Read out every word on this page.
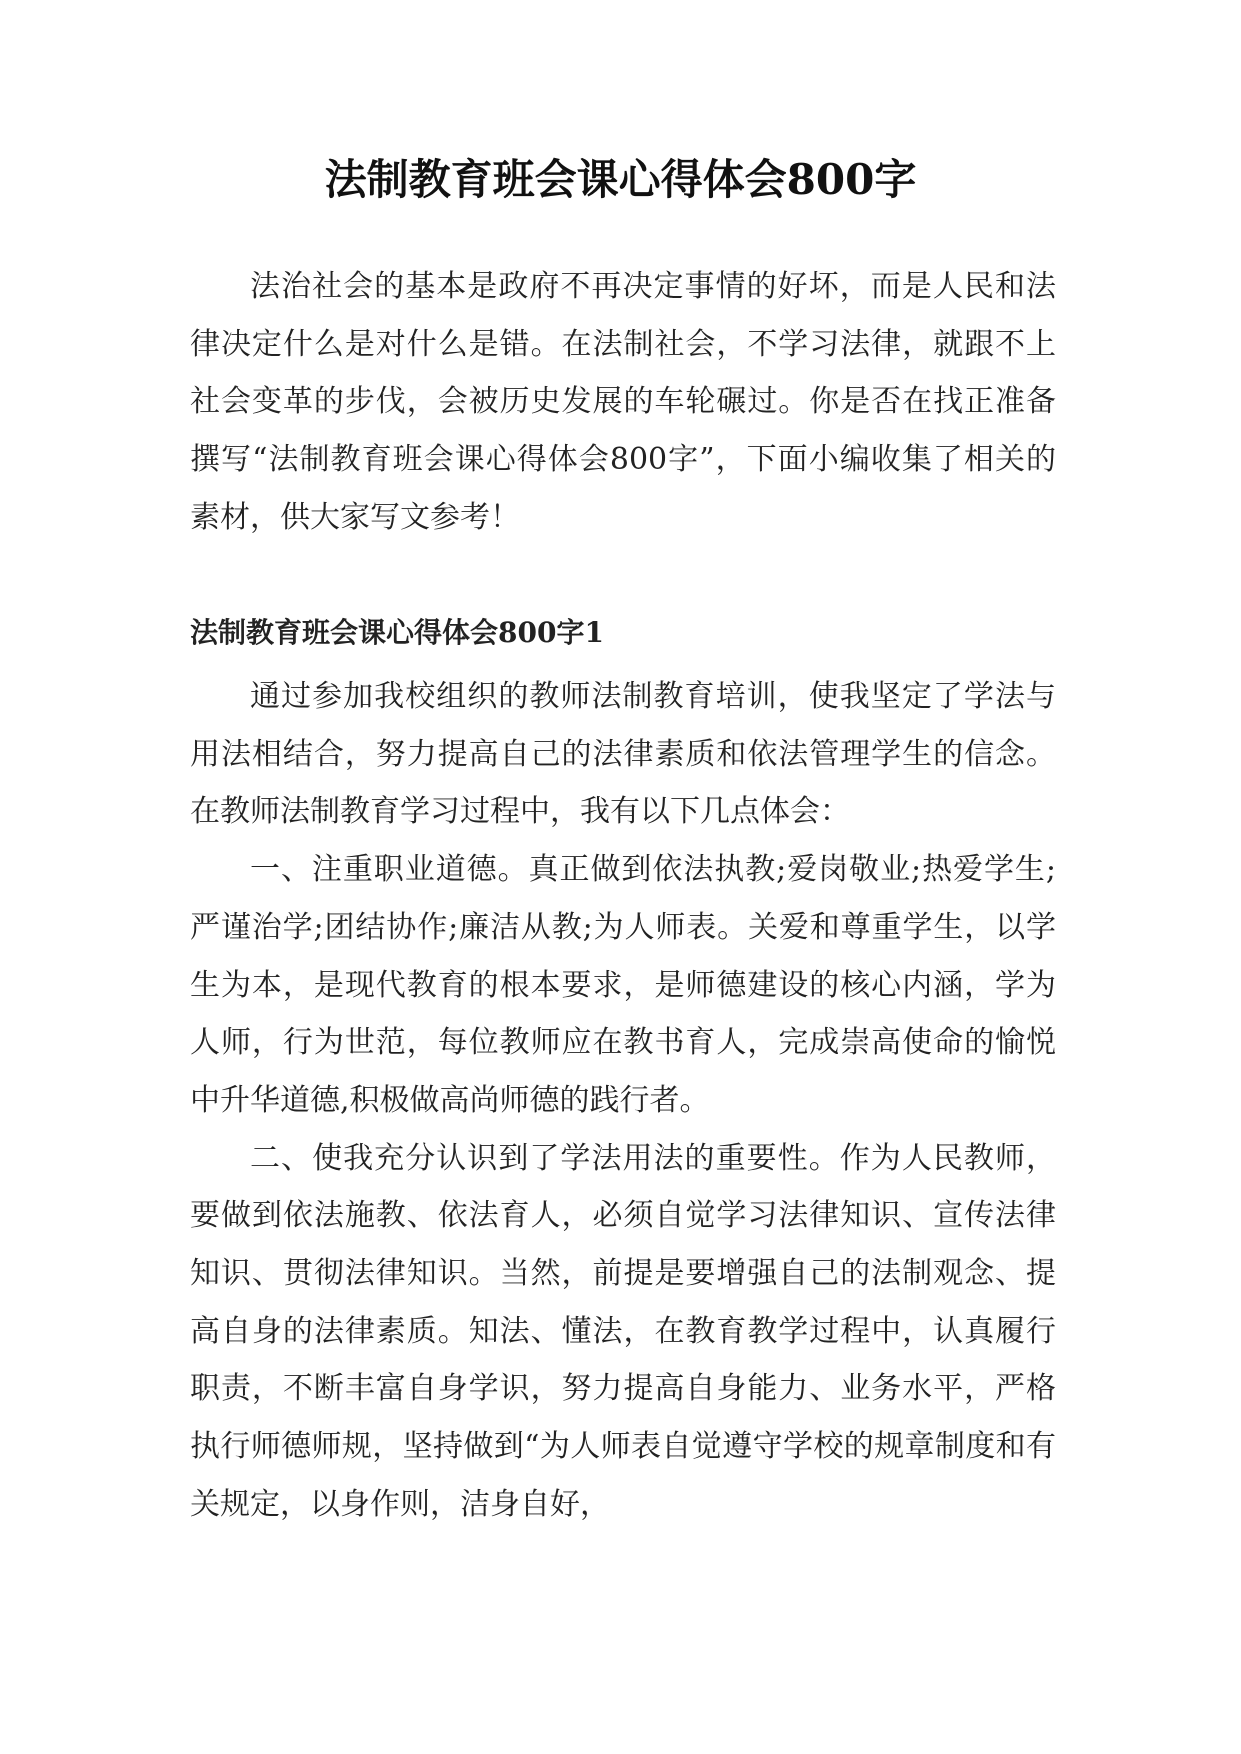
法制教育班会课心得体会800字

法治社会的基本是政府不再决定事情的好坏，而是人民和法律决定什么是对什么是错。在法制社会，不学习法律，就跟不上社会变革的步伐，会被历史发展的车轮碾过。你是否在找正准备撰写“法制教育班会课心得体会800字”，下面小编收集了相关的素材，供大家写文参考！

法制教育班会课心得体会800字1

通过参加我校组织的教师法制教育培训，使我坚定了学法与用法相结合，努力提高自己的法律素质和依法管理学生的信念。在教师法制教育学习过程中，我有以下几点体会：

一、注重职业道德。真正做到依法执教;爱岗敬业;热爱学生;严谨治学;团结协作;廉洁从教;为人师表。关爱和尊重学生，以学生为本，是现代教育的根本要求，是师德建设的核心内涵，学为人师，行为世范，每位教师应在教书育人，完成崇高使命的愉悦中升华道德,积极做高尚师德的践行者。

二、使我充分认识到了学法用法的重要性。作为人民教师，要做到依法施教、依法育人，必须自觉学习法律知识、宣传法律知识、贯彻法律知识。当然，前提是要增强自己的法制观念、提高自身的法律素质。知法、懂法，在教育教学过程中，认真履行职责，不断丰富自身学识，努力提高自身能力、业务水平，严格执行师德师规，坚持做到“为人师表自觉遵守学校的规章制度和有关规定，以身作则，洁身自好，
